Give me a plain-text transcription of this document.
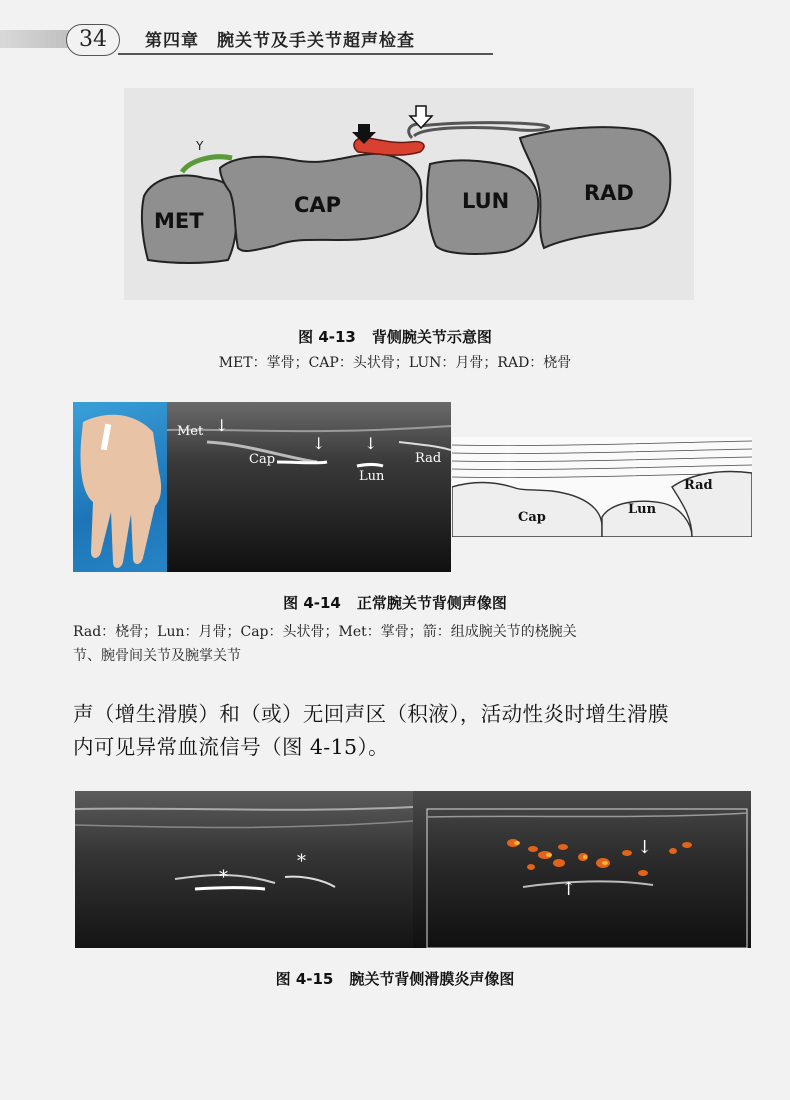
34	第四章　腕关节及手关节超声检查
Y
MET
CAP	LUN	RAD
图 4-13 背侧腕关节示意图
MET：掌骨；CAP：头状骨；LUN：月骨；RAD：桡骨
Met
Cap
Lun
Rad
↓
↓ ↓
Cap
Lun
Rad
图 4-14 正常腕关节背侧声像图
Rad：桡骨；Lun：月骨；Cap：头状骨；Met：掌骨；箭：组成腕关节的桡腕关
节、腕骨间关节及腕掌关节
声（增生滑膜）和（或）无回声区（积液），活动性炎时增生滑膜
内可见异常血流信号（图 4-15）。
*
*
↓
↑
图 4-15 腕关节背侧滑膜炎声像图
